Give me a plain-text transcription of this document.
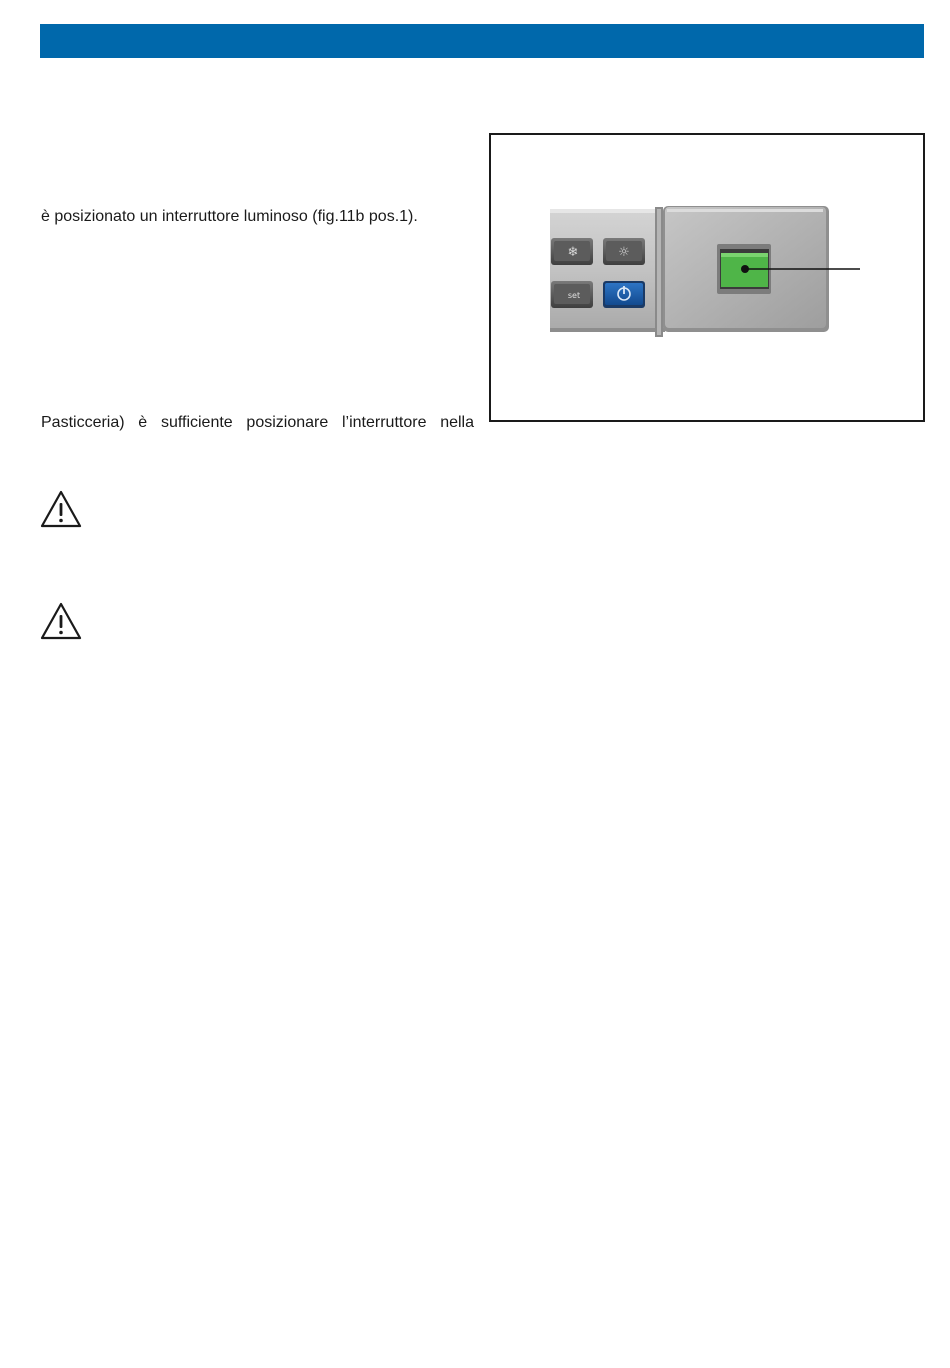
è posizionato un interruttore luminoso (fig.11b pos.1).
Pasticceria) è sufficiente posizionare l’interruttore nella
❄	☼
set
